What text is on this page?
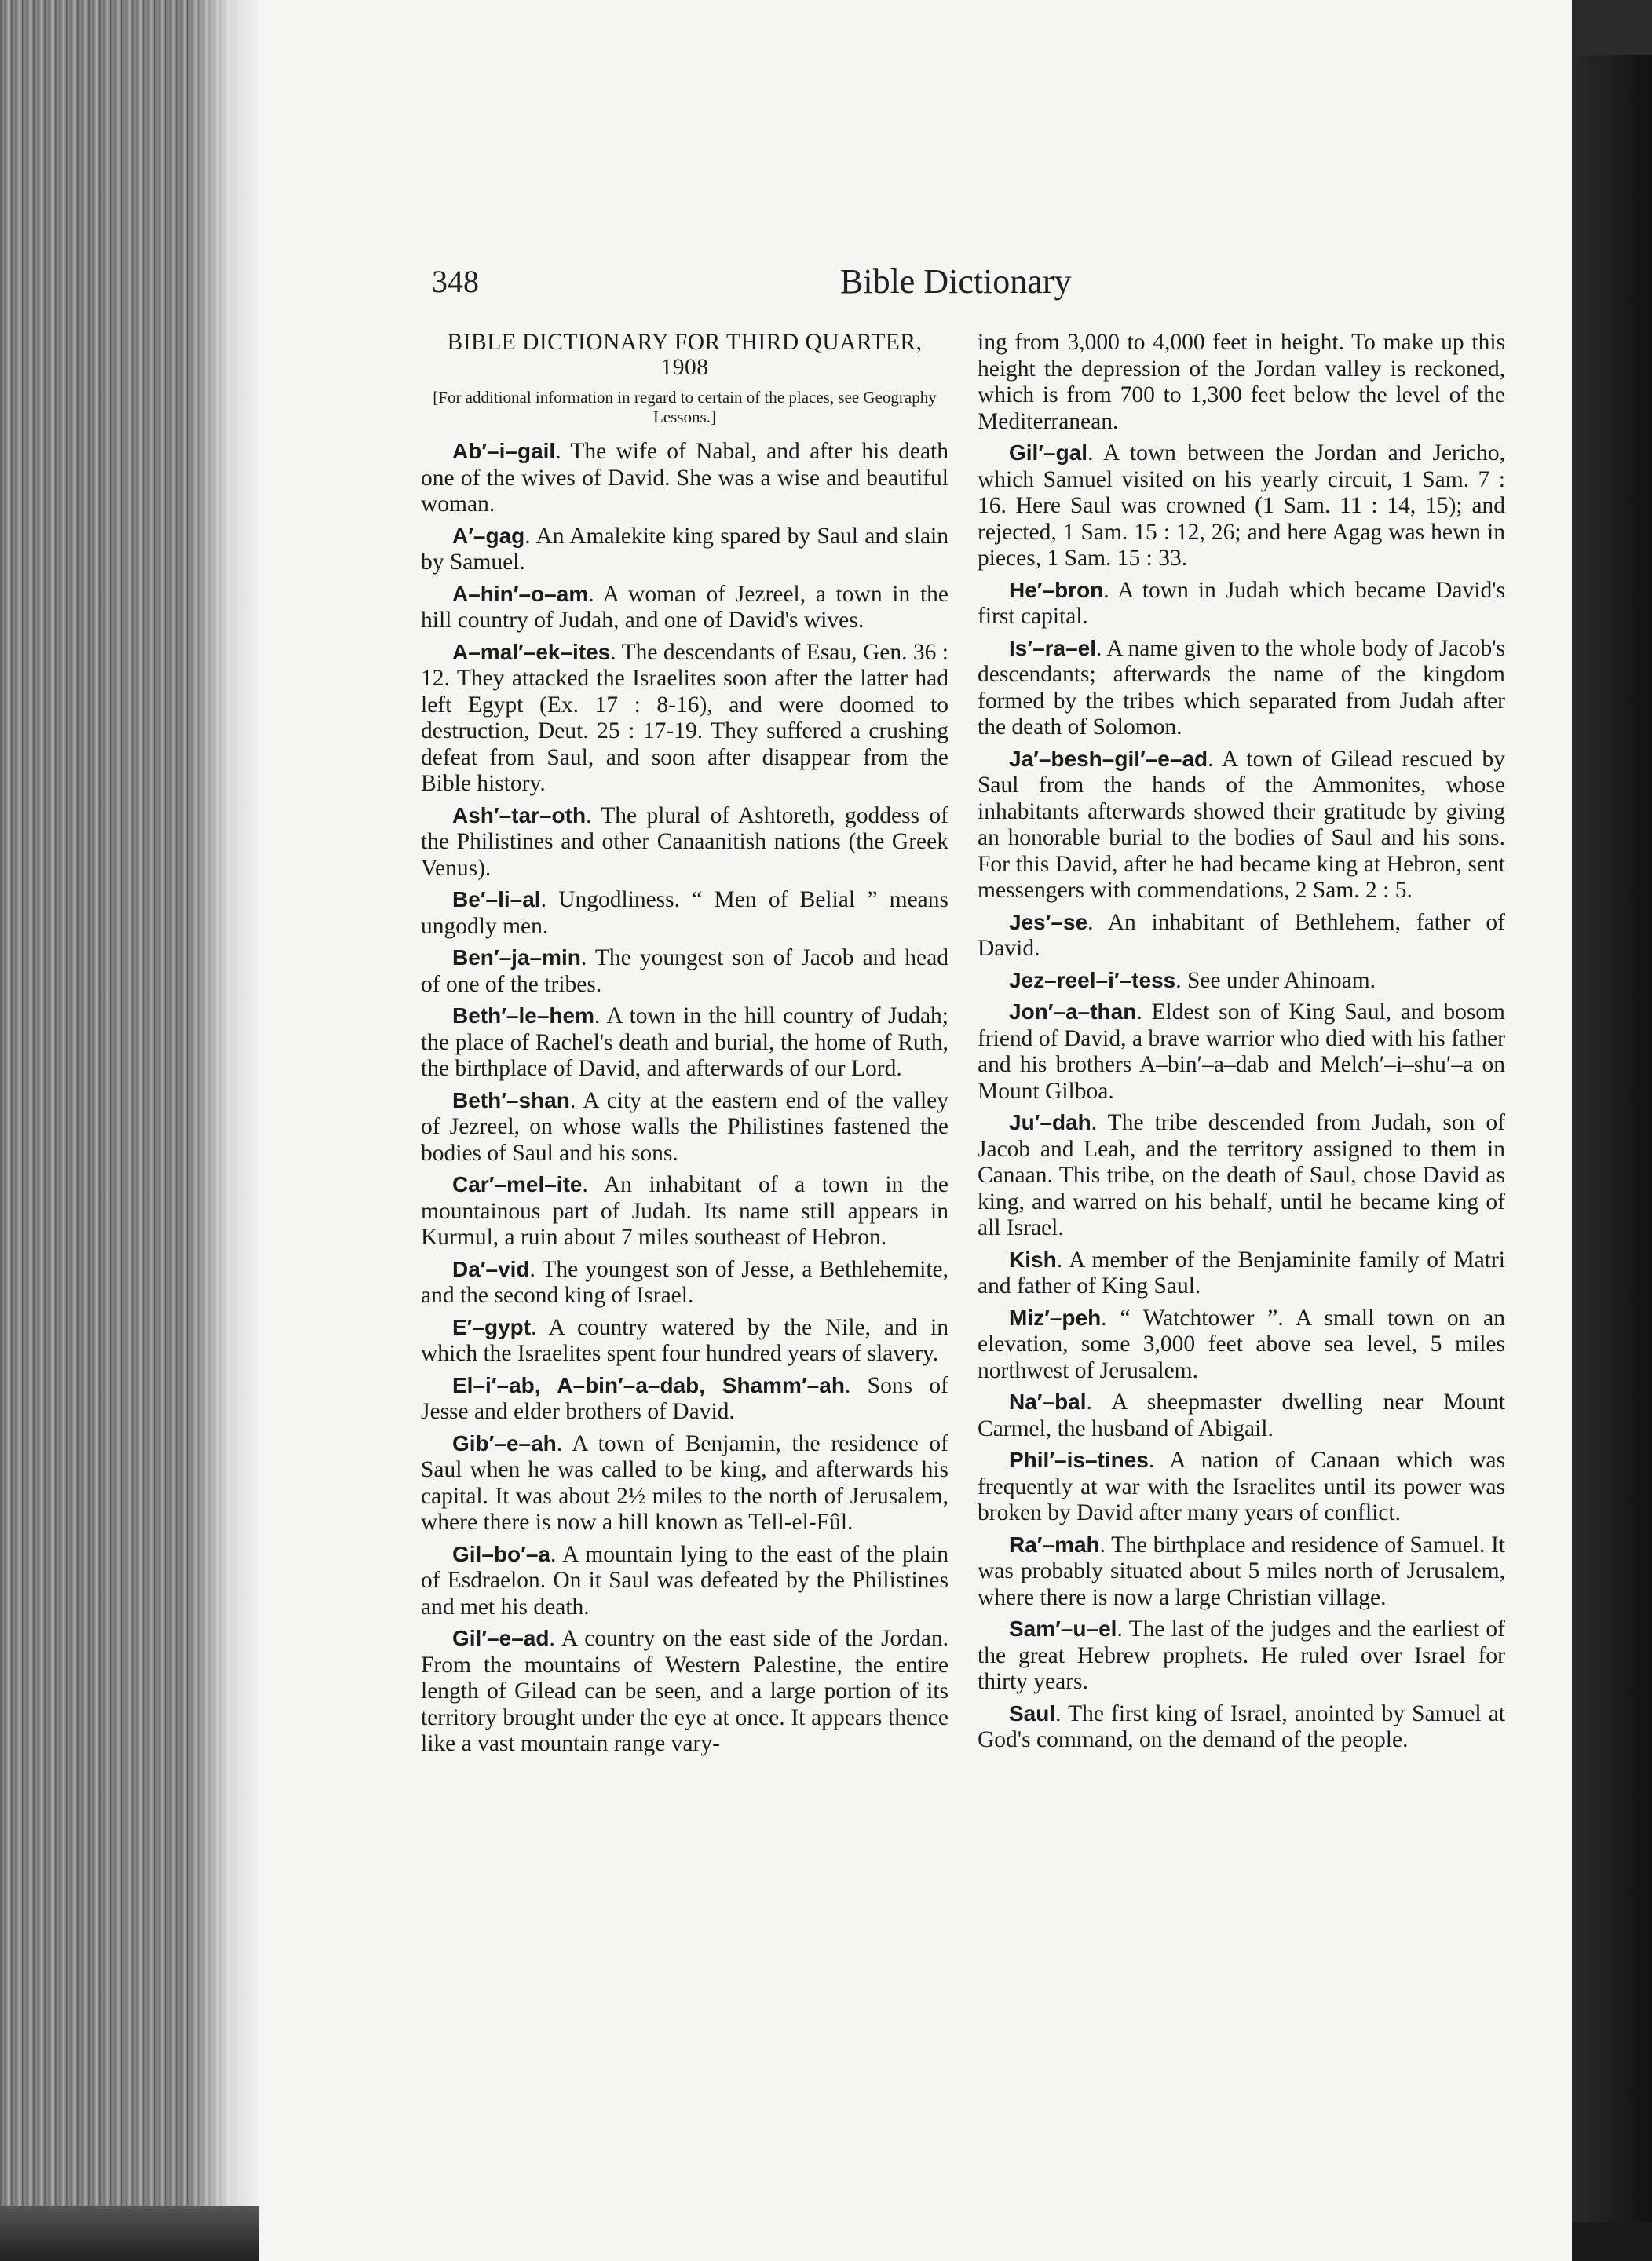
348	Bible Dictionary
BIBLE DICTIONARY FOR THIRD QUARTER, 1908
[For additional information in regard to certain of the places, see Geography Lessons.]

Ab′–i–gail. The wife of Nabal, and after his death one of the wives of David. She was a wise and beautiful woman.

A′–gag. An Amalekite king spared by Saul and slain by Samuel.

A–hin′–o–am. A woman of Jezreel, a town in the hill country of Judah, and one of David's wives.

A–mal′–ek–ites. The descendants of Esau, Gen. 36 : 12. They attacked the Israelites soon after the latter had left Egypt (Ex. 17 : 8-16), and were doomed to destruction, Deut. 25 : 17-19. They suffered a crushing defeat from Saul, and soon after disappear from the Bible history.

Ash′–tar–oth. The plural of Ashtoreth, goddess of the Philistines and other Canaanitish nations (the Greek Venus).

Be′–li–al. Ungodliness. “ Men of Belial ” means ungodly men.

Ben′–ja–min. The youngest son of Jacob and head of one of the tribes.

Beth′–le–hem. A town in the hill country of Judah; the place of Rachel's death and burial, the home of Ruth, the birthplace of David, and afterwards of our Lord.

Beth′–shan. A city at the eastern end of the valley of Jezreel, on whose walls the Philistines fastened the bodies of Saul and his sons.

Car′–mel–ite. An inhabitant of a town in the mountainous part of Judah. Its name still appears in Kurmul, a ruin about 7 miles southeast of Hebron.

Da′–vid. The youngest son of Jesse, a Bethlehemite, and the second king of Israel.

E′–gypt. A country watered by the Nile, and in which the Israelites spent four hundred years of slavery.

El–i′–ab, A–bin′–a–dab, Shamm′–ah. Sons of Jesse and elder brothers of David.

Gib′–e–ah. A town of Benjamin, the residence of Saul when he was called to be king, and afterwards his capital. It was about 2½ miles to the north of Jerusalem, where there is now a hill known as Tell-el-Fûl.

Gil–bo′–a. A mountain lying to the east of the plain of Esdraelon. On it Saul was defeated by the Philistines and met his death.

Gil′–e–ad. A country on the east side of the Jordan. From the mountains of Western Palestine, the entire length of Gilead can be seen, and a large portion of its territory brought under the eye at once. It appears thence like a vast mountain range vary-

ing from 3,000 to 4,000 feet in height. To make up this height the depression of the Jordan valley is reckoned, which is from 700 to 1,300 feet below the level of the Mediterranean.

Gil′–gal. A town between the Jordan and Jericho, which Samuel visited on his yearly circuit, 1 Sam. 7 : 16. Here Saul was crowned (1 Sam. 11 : 14, 15); and rejected, 1 Sam. 15 : 12, 26; and here Agag was hewn in pieces, 1 Sam. 15 : 33.

He′–bron. A town in Judah which became David's first capital.

Is′–ra–el. A name given to the whole body of Jacob's descendants; afterwards the name of the kingdom formed by the tribes which separated from Judah after the death of Solomon.

Ja′–besh–gil′–e–ad. A town of Gilead rescued by Saul from the hands of the Ammonites, whose inhabitants afterwards showed their gratitude by giving an honorable burial to the bodies of Saul and his sons. For this David, after he had became king at Hebron, sent messengers with commendations, 2 Sam. 2 : 5.

Jes′–se. An inhabitant of Bethlehem, father of David.

Jez–reel–i′–tess. See under Ahinoam.

Jon′–a–than. Eldest son of King Saul, and bosom friend of David, a brave warrior who died with his father and his brothers A–bin′–a–dab and Melch′–i–shu′–a on Mount Gilboa.

Ju′–dah. The tribe descended from Judah, son of Jacob and Leah, and the territory assigned to them in Canaan. This tribe, on the death of Saul, chose David as king, and warred on his behalf, until he became king of all Israel.

Kish. A member of the Benjaminite family of Matri and father of King Saul.

Miz′–peh. “ Watchtower ”. A small town on an elevation, some 3,000 feet above sea level, 5 miles northwest of Jerusalem.

Na′–bal. A sheepmaster dwelling near Mount Carmel, the husband of Abigail.

Phil′–is–tines. A nation of Canaan which was frequently at war with the Israelites until its power was broken by David after many years of conflict.

Ra′–mah. The birthplace and residence of Samuel. It was probably situated about 5 miles north of Jerusalem, where there is now a large Christian village.

Sam′–u–el. The last of the judges and the earliest of the great Hebrew prophets. He ruled over Israel for thirty years.

Saul. The first king of Israel, anointed by Samuel at God's command, on the demand of the people.
